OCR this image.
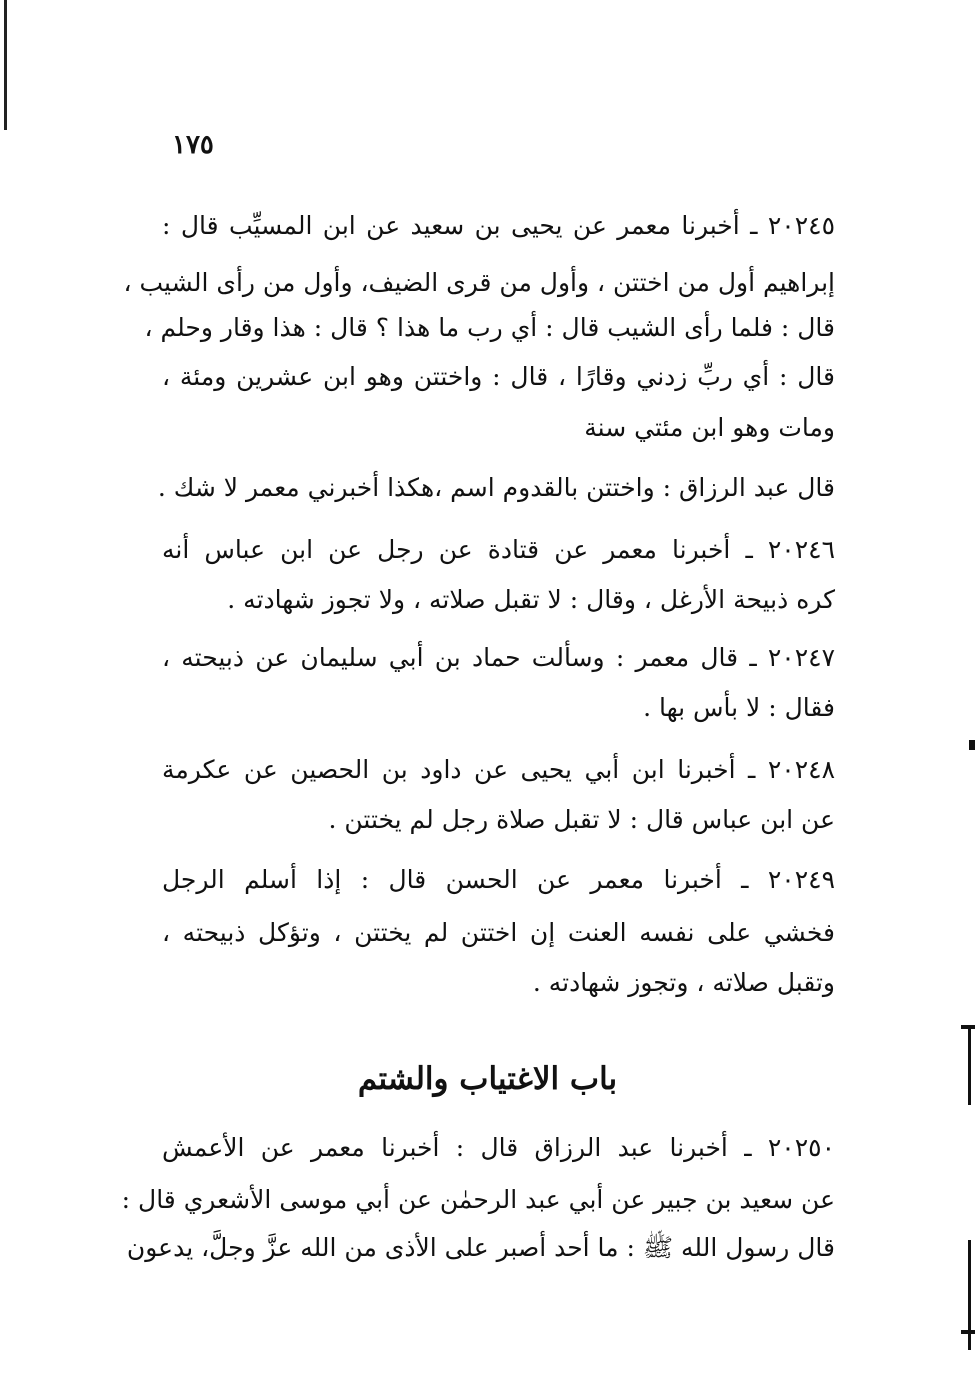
١٧٥
٢٠٢٤٥ ـ أخبرنا معمر عن يحيى بن سعيد عن ابن المسيِّب قال :
إبراهيم أول من اختتن ، وأول من قرى الضيف، وأول من رأى الشيب ،
قال : فلما رأى الشيب قال : أي رب ما هذا ؟ قال : هذا وقار وحلم ،
قال : أي ربِّ زدني وقارًا ، قال : واختتن وهو ابن عشرين ومئة ،
ومات وهو ابن مئتي سنة
قال عبد الرزاق : واختتن بالقدوم اسم ،هكذا أخبرني معمر لا شك .
٢٠٢٤٦ ـ أخبرنا معمر عن قتادة عن رجل عن ابن عباس أنه
كره ذبيحة الأرغل ، وقال : لا تقبل صلاته ، ولا تجوز شهادته .
٢٠٢٤٧ ـ قال معمر : وسألت حماد بن أبي سليمان عن ذبيحته ،
فقال : لا بأس بها .
٢٠٢٤٨ ـ أخبرنا ابن أبي يحيى عن داود بن الحصين عن عكرمة
عن ابن عباس قال : لا تقبل صلاة رجل لم يختتن .
٢٠٢٤٩ ـ أخبرنا معمر عن الحسن قال : إذا أسلم الرجل
فخشي على نفسه العنت إن اختتن لم يختتن ، وتؤكل ذبيحته ،
وتقبل صلاته ، وتجوز شهادته .
باب الاغتياب والشتم
٢٠٢٥٠ ـ أخبرنا عبد الرزاق قال : أخبرنا معمر عن الأعمش
عن سعيد بن جبير عن أبي عبد الرحمٰن عن أبي موسى الأشعري قال :
قال رسول الله ﷺ : ما أحد أصبر على الأذى من الله عزَّ وجلَّ، يدعون
